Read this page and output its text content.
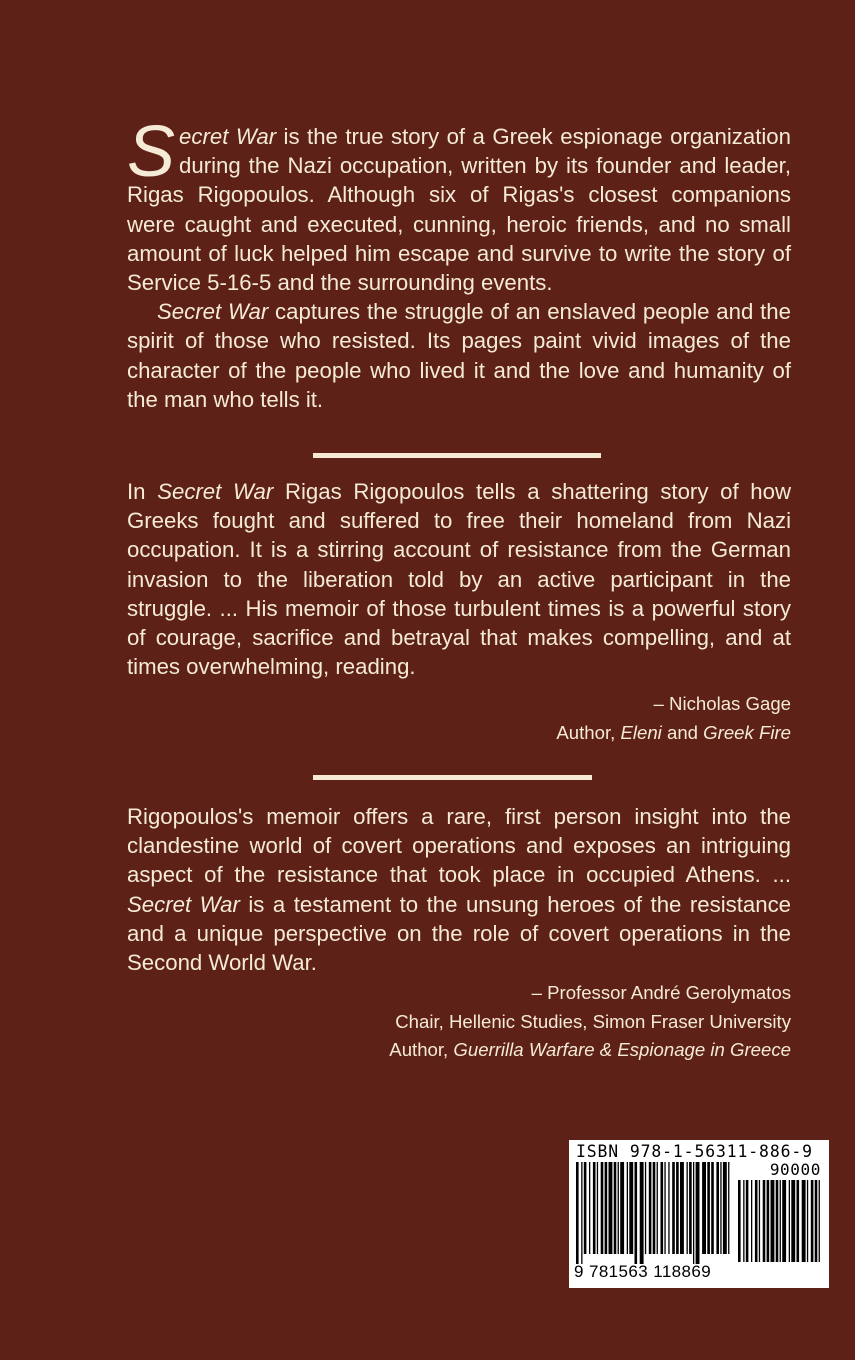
Secret War is the true story of a Greek espionage organization during the Nazi occupation, written by its founder and leader, Rigas Rigopoulos. Although six of Rigas's closest companions were caught and executed, cunning, heroic friends, and no small amount of luck helped him escape and survive to write the story of Service 5-16-5 and the surrounding events.

Secret War captures the struggle of an enslaved people and the spirit of those who resisted. Its pages paint vivid images of the character of the people who lived it and the love and humanity of the man who tells it.

In Secret War Rigas Rigopoulos tells a shattering story of how Greeks fought and suffered to free their homeland from Nazi occupation. It is a stirring account of resistance from the German invasion to the liberation told by an active participant in the struggle. ... His memoir of those turbulent times is a powerful story of courage, sacrifice and betrayal that makes compelling, and at times overwhelming, reading.

– Nicholas Gage

Author, Eleni and Greek Fire

Rigopoulos's memoir offers a rare, first person insight into the clandestine world of covert operations and exposes an intriguing aspect of the resistance that took place in occupied Athens. ... Secret War is a testament to the unsung heroes of the resistance and a unique perspective on the role of covert operations in the Second World War.

– Professor André Gerolymatos

Chair, Hellenic Studies, Simon Fraser University

Author, Guerrilla Warfare & Espionage in Greece

ISBN 978-1-56311-886-9
90000
9 781563 118869
